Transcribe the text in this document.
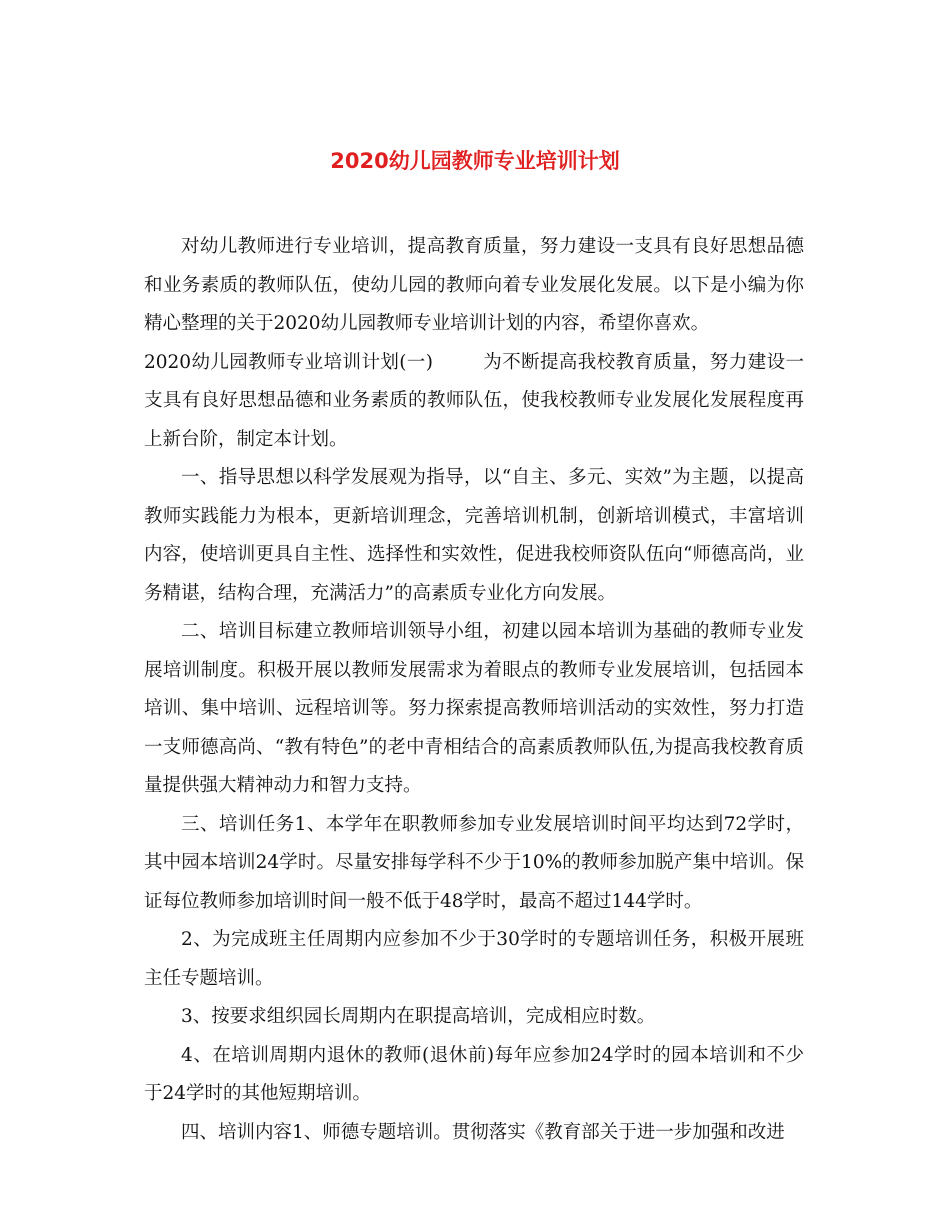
2020幼儿园教师专业培训计划

对幼儿教师进行专业培训，提高教育质量，努力建设一支具有良好思想品德和业务素质的教师队伍，使幼儿园的教师向着专业发展化发展。以下是小编为你精心整理的关于2020幼儿园教师专业培训计划的内容，希望你喜欢。

2020幼儿园教师专业培训计划(一)	为不断提高我校教育质量，努力建设一支具有良好思想品德和业务素质的教师队伍，使我校教师专业发展化发展程度再上新台阶，制定本计划。

一、指导思想以科学发展观为指导，以“自主、多元、实效”为主题，以提高教师实践能力为根本，更新培训理念，完善培训机制，创新培训模式，丰富培训内容，使培训更具自主性、选择性和实效性，促进我校师资队伍向“师德高尚，业务精谌，结构合理，充满活力”的高素质专业化方向发展。

二、培训目标建立教师培训领导小组，初建以园本培训为基础的教师专业发展培训制度。积极开展以教师发展需求为着眼点的教师专业发展培训，包括园本培训、集中培训、远程培训等。努力探索提高教师培训活动的实效性，努力打造一支师德高尚、“教有特色”的老中青相结合的高素质教师队伍,为提高我校教育质量提供强大精神动力和智力支持。

三、培训任务1、本学年在职教师参加专业发展培训时间平均达到72学时，其中园本培训24学时。尽量安排每学科不少于10%的教师参加脱产集中培训。保证每位教师参加培训时间一般不低于48学时，最高不超过144学时。

2、为完成班主任周期内应参加不少于30学时的专题培训任务，积极开展班主任专题培训。

3、按要求组织园长周期内在职提高培训，完成相应时数。

4、在培训周期内退休的教师(退休前)每年应参加24学时的园本培训和不少于24学时的其他短期培训。

四、培训内容1、师德专题培训。贯彻落实《教育部关于进一步加强和改进
